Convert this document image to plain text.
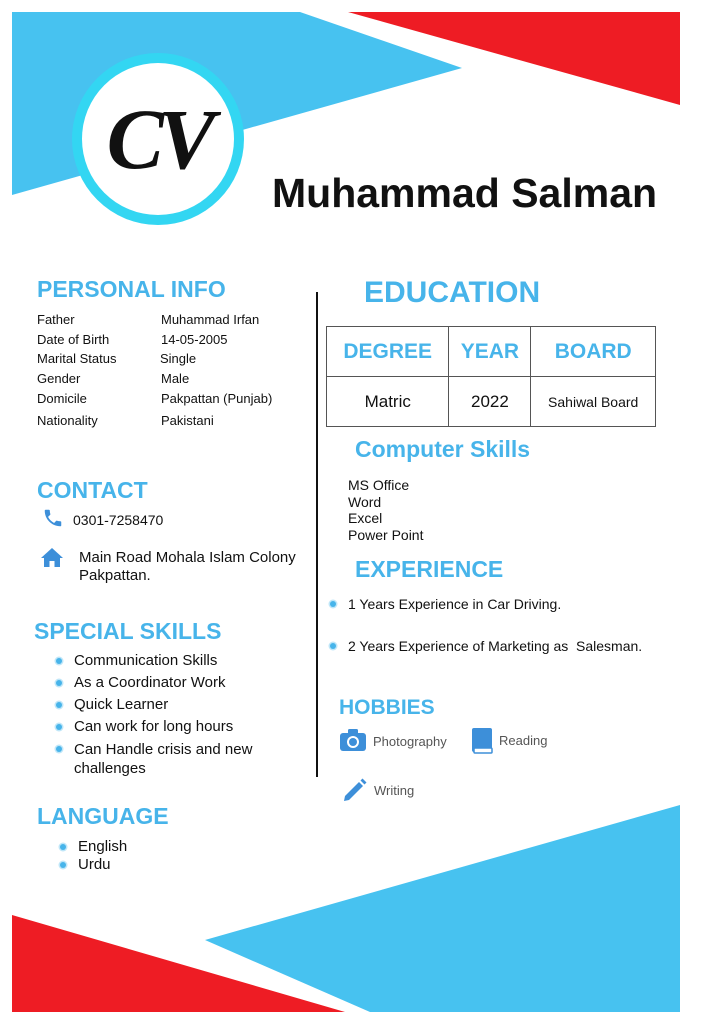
CV
Muhammad Salman
PERSONAL INFO
Father	Muhammad Irfan
Date of Birth	14-05-2005
Marital Status	Single
Gender	Male
Domicile	Pakpattan (Punjab)
Nationality	Pakistani
CONTACT
0301-7258470
Main Road Mohala Islam Colony
Pakpattan.
SPECIAL SKILLS
Communication Skills
As a Coordinator Work
Quick Learner
Can work for long hours
Can Handle crisis and new challenges
LANGUAGE
English
Urdu
EDUCATION
DEGREE	YEAR	BOARD
Matric	2022	Sahiwal Board
Computer Skills
MS Office
Word
Excel
Power Point
EXPERIENCE
1 Years Experience in Car Driving.
2 Years Experience of Marketing as  Salesman.
HOBBIES
Photography	Reading
Writing
